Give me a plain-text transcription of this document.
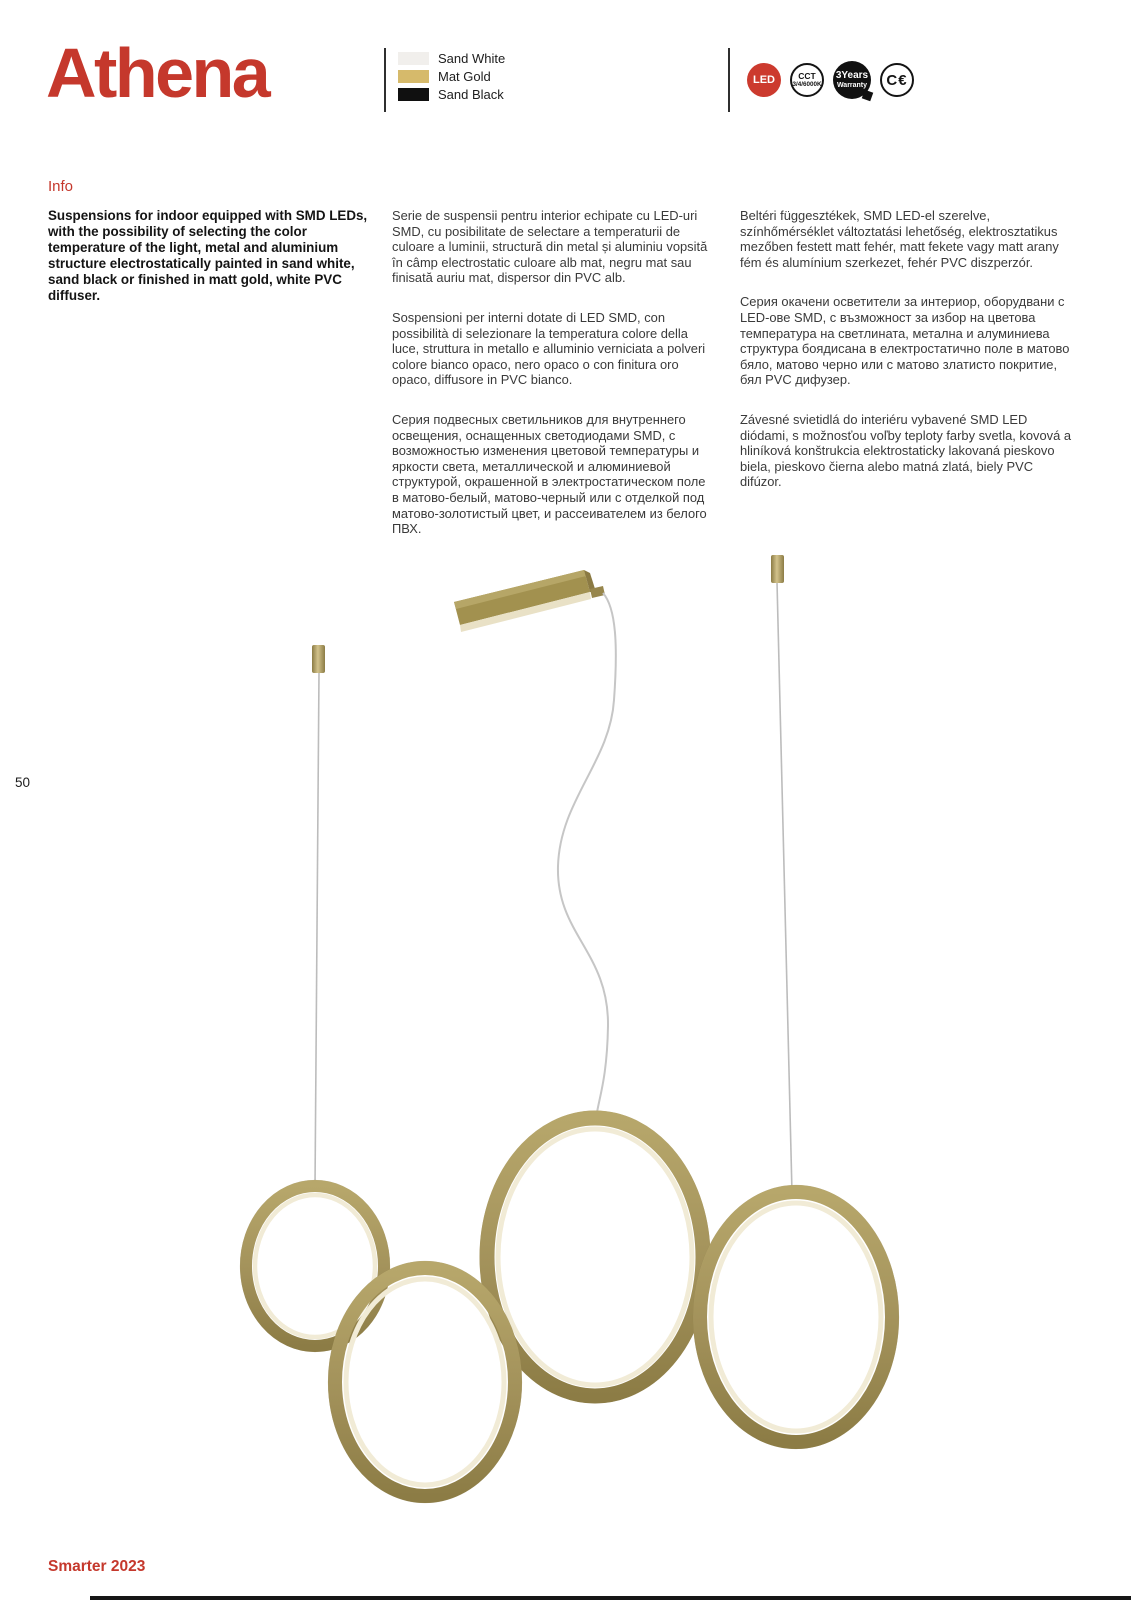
Athena	Sand White
Mat Gold
Sand Black
LED	CCT
3/4/6000K
3Years
Warranty C€
Info

Suspensions for indoor equipped with SMD LEDs, with the possibility of selecting the color temperature of the light, metal and aluminium structure electrostatically painted in sand white, sand black or finished in matt gold, white PVC diffuser.

Serie de suspensii pentru interior echipate cu LED-uri SMD, cu posibilitate de selectare a temperaturii de culoare a luminii, structură din metal și aluminiu vopsită în câmp electrostatic culoare alb mat, negru mat sau finisată auriu mat, dispersor din PVC alb.

Sospensioni per interni dotate di LED SMD, con possibilità di selezionare la temperatura colore della luce, struttura in metallo e alluminio verniciata a polveri colore bianco opaco, nero opaco o con finitura oro opaco, diffusore in PVC bianco.

Серия подвесных светильников для внутреннего освещения, оснащенных светодиодами SMD, с возможностью изменения цветовой температуры и яркости света, металлической и алюминиевой структурой, окрашенной в электростатическом поле в матово-белый, матово-черный или с отделкой под матово-золотистый цвет, и рассеивателем из белого ПВХ.

Beltéri függesztékek, SMD LED-el szerelve, színhőmérséklet változtatási lehetőség, elektrosztatikus mezőben festett matt fehér, matt fekete vagy matt arany fém és alumínium szerkezet, fehér PVC diszperzór.

Серия окачени осветители за интериор, оборудвани с LED-ове SMD, с възможност за избор на цветова температура на светлината, метална и алуминиева структура боядисана в електростатично поле в матово бяло, матово черно или с матово златисто покритие, бял PVC дифузер.

Závesné svietidlá do interiéru vybavené SMD LED diódami, s možnosťou voľby teploty farby svetla, kovová a hliníková konštrukcia elektrostaticky lakovaná pieskovo biela, pieskovo čierna alebo matná zlatá, biely PVC difúzor.

50
Smarter 2023
